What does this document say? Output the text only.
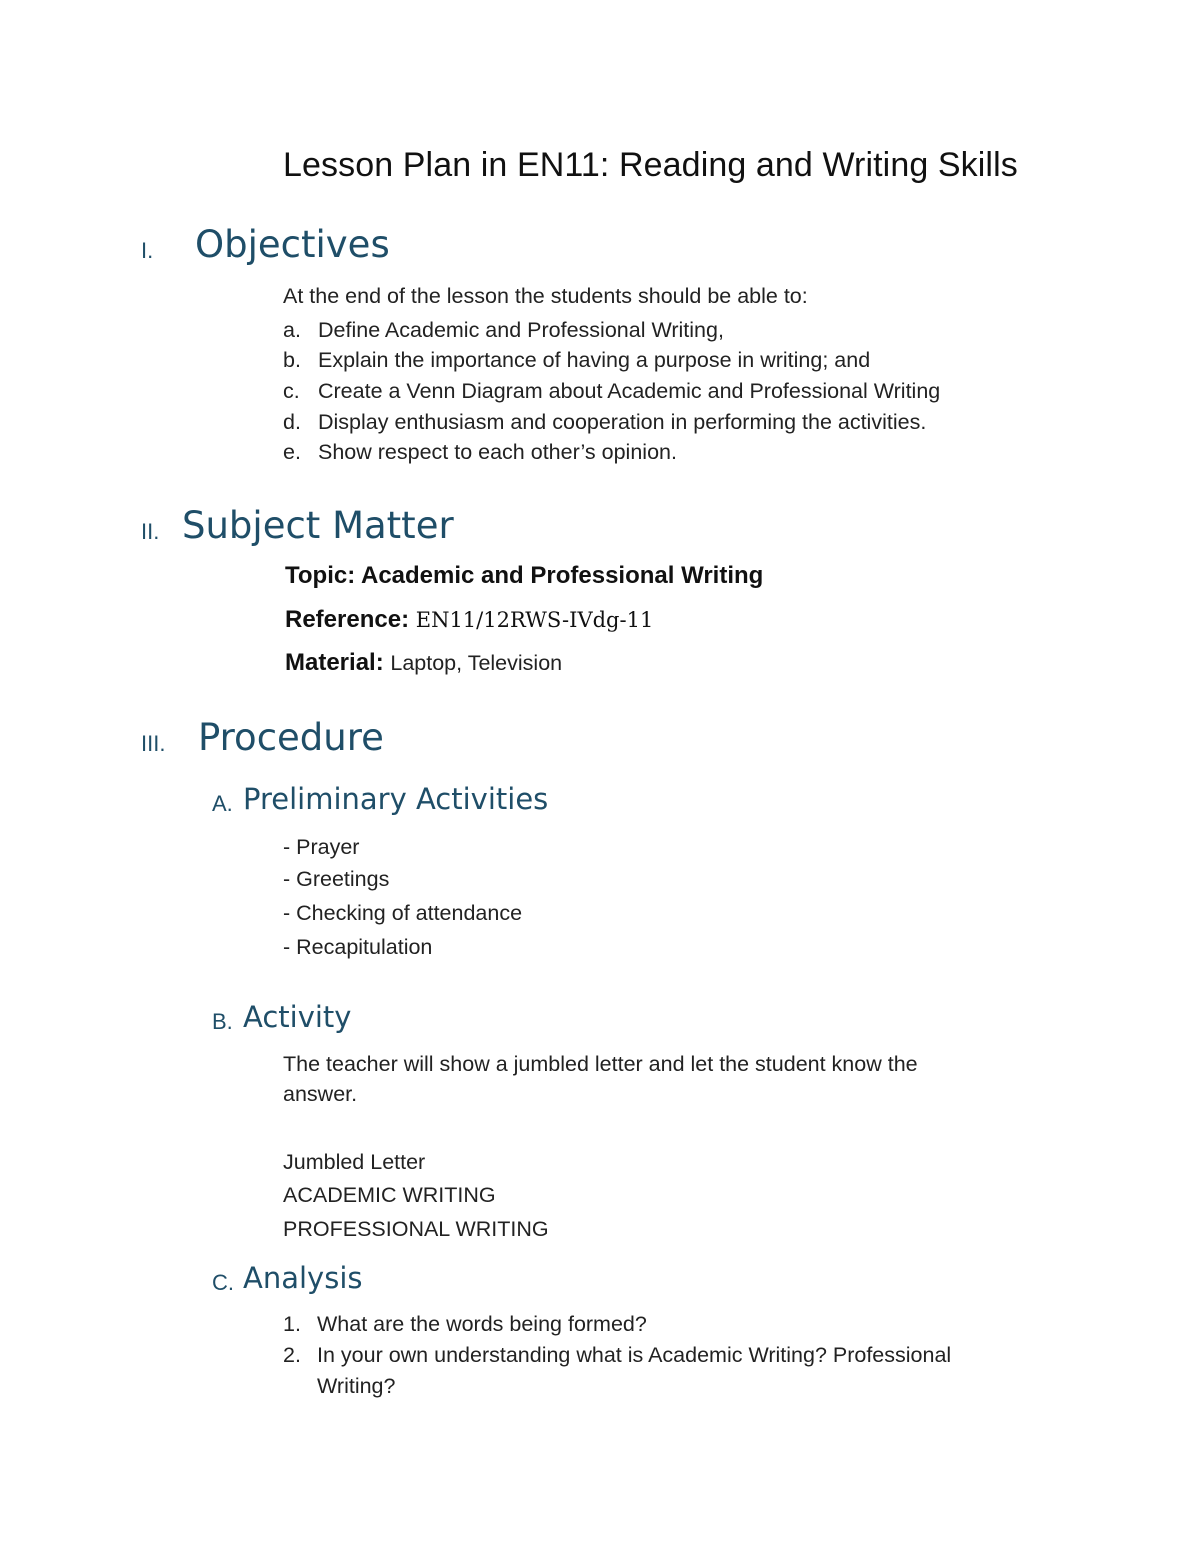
Lesson Plan in EN11: Reading and Writing Skills
I. Objectives
At the end of the lesson the students should be able to:
a. Define Academic and Professional Writing,
b. Explain the importance of having a purpose in writing; and
c. Create a Venn Diagram about Academic and Professional Writing
d. Display enthusiasm and cooperation in performing the activities.
e. Show respect to each other’s opinion.
II. Subject Matter
Topic: Academic and Professional Writing
Reference: EN11/12RWS-IVdg-11
Material: Laptop, Television
III. Procedure
A. Preliminary Activities
- Prayer
- Greetings
- Checking of attendance
- Recapitulation
B. Activity
The teacher will show a jumbled letter and let the student know the
answer.
Jumbled Letter
ACADEMIC WRITING
PROFESSIONAL WRITING
C. Analysis
1. What are the words being formed?
2. In your own understanding what is Academic Writing? Professional
Writing?
